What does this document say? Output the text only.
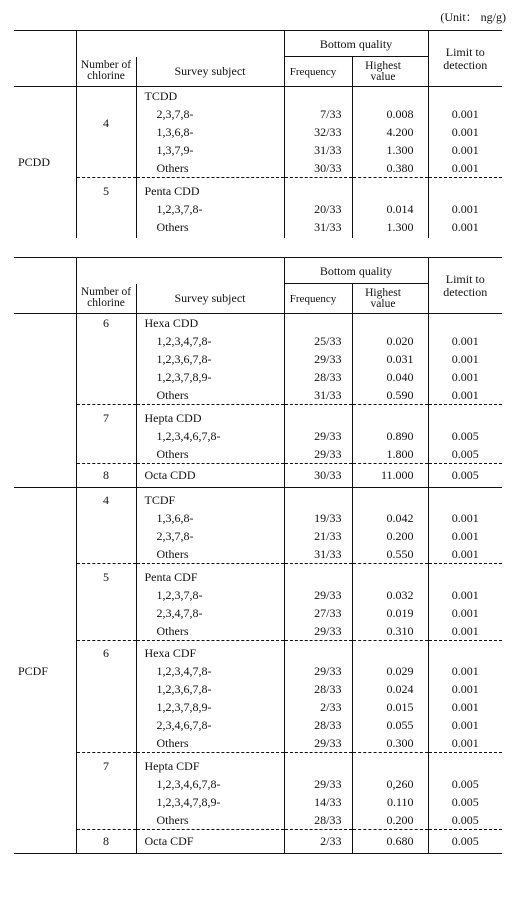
(Unit： ng/g)
			Bottom quality		Limit to detection
	Number of chlorine	Survey subject	Frequency	Highest value	
PCDD	4	TCDD			
		2,3,7,8-	7/33	0.008	0.001
		1,3,6,8-	32/33	4.200	0.001
		1,3,7,9-	31/33	1.300	0.001
		Others	30/33	0.380	0.001
	5	Penta CDD			
		1,2,3,7,8-	20/33	0.014	0.001
		Others	31/33	1.300	0.001
			Bottom quality		Limit to detection
	Number of chlorine	Survey subject	Frequency	Highest value	
	6	Hexa CDD			
		1,2,3,4,7,8-	25/33	0.020	0.001
		1,2,3,6,7,8-	29/33	0.031	0.001
		1,2,3,7,8,9-	28/33	0.040	0.001
		Others	31/33	0.590	0.001
	7	Hepta CDD			
		1,2,3,4,6,7,8-	29/33	0.890	0.005
		Others	29/33	1.800	0.005
	8	Octa CDD	30/33	11.000	0.005
PCDF	4	TCDF			
		1,3,6,8-	19/33	0.042	0.001
		2,3,7,8-	21/33	0.200	0.001
		Others	31/33	0.550	0.001
	5	Penta CDF			
		1,2,3,7,8-	29/33	0.032	0.001
		2,3,4,7,8-	27/33	0.019	0.001
		Others	29/33	0.310	0.001
	6	Hexa CDF			
		1,2,3,4,7,8-	29/33	0.029	0.001
		1,2,3,6,7,8-	28/33	0.024	0.001
		1,2,3,7,8,9-	2/33	0.015	0.001
		2,3,4,6,7,8-	28/33	0.055	0.001
		Others	29/33	0.300	0.001
	7	Hepta CDF			
		1,2,3,4,6,7,8-	29/33	0,260	0.005
		1,2,3,4,7,8,9-	14/33	0.110	0.005
		Others	28/33	0.200	0.005
	8	Octa CDF	2/33	0.680	0.005
